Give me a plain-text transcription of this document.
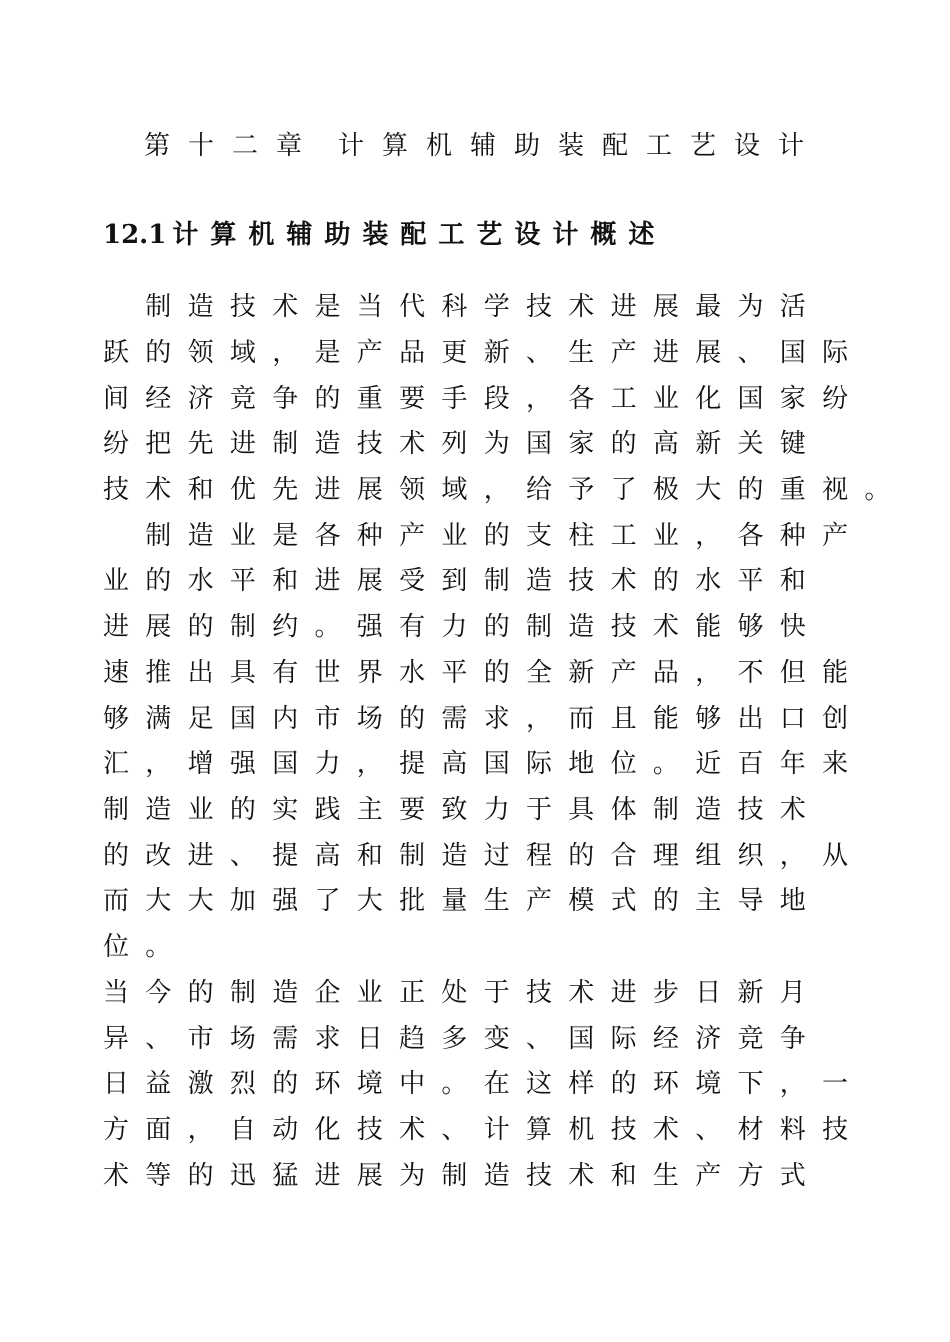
第十二章 计算机辅助装配工艺设计
12.1 计算机辅助装配工艺设计概述
　制造技术是当代科学技术进展最为活
跃的领域，是产品更新、生产进展、国际
间经济竞争的重要手段，各工业化国家纷
纷把先进制造技术列为国家的高新关键
技术和优先进展领域，给予了极大的重视。
　制造业是各种产业的支柱工业，各种产
业的水平和进展受到制造技术的水平和
进展的制约。强有力的制造技术能够快
速推出具有世界水平的全新产品，不但能
够满足国内市场的需求，而且能够出口创
汇，增强国力，提高国际地位。近百年来
制造业的实践主要致力于具体制造技术
的改进、提高和制造过程的合理组织，从
而大大加强了大批量生产模式的主导地
位。
当今的制造企业正处于技术进步日新月
异、市场需求日趋多变、国际经济竞争
日益激烈的环境中。在这样的环境下，一
方面，自动化技术、计算机技术、材料技
术等的迅猛进展为制造技术和生产方式
